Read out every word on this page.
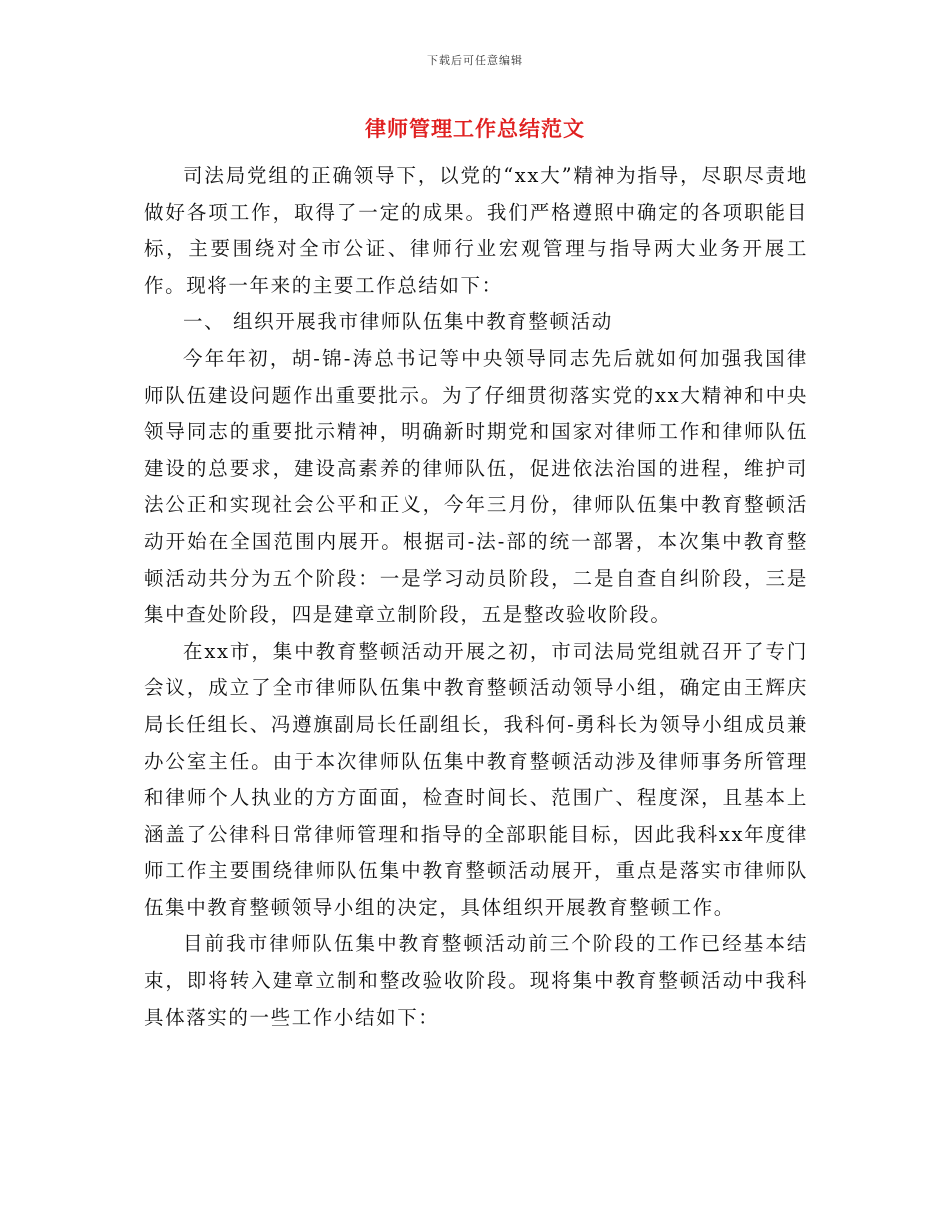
下载后可任意编辑
律师管理工作总结范文

司法局党组的正确领导下，以党的“xx大”精神为指导，尽职尽责地做好各项工作，取得了一定的成果。我们严格遵照中确定的各项职能目标，主要围绕对全市公证、律师行业宏观管理与指导两大业务开展工作。现将一年来的主要工作总结如下：

一、 组织开展我市律师队伍集中教育整顿活动

今年年初，胡-锦-涛总书记等中央领导同志先后就如何加强我国律师队伍建设问题作出重要批示。为了仔细贯彻落实党的xx大精神和中央领导同志的重要批示精神，明确新时期党和国家对律师工作和律师队伍建设的总要求，建设高素养的律师队伍，促进依法治国的进程，维护司法公正和实现社会公平和正义，今年三月份，律师队伍集中教育整顿活动开始在全国范围内展开。根据司-法-部的统一部署，本次集中教育整顿活动共分为五个阶段：一是学习动员阶段，二是自查自纠阶段，三是集中查处阶段，四是建章立制阶段，五是整改验收阶段。

在xx市，集中教育整顿活动开展之初，市司法局党组就召开了专门会议，成立了全市律师队伍集中教育整顿活动领导小组，确定由王辉庆局长任组长、冯遵旗副局长任副组长，我科何-勇科长为领导小组成员兼办公室主任。由于本次律师队伍集中教育整顿活动涉及律师事务所管理和律师个人执业的方方面面，检查时间长、范围广、程度深，且基本上涵盖了公律科日常律师管理和指导的全部职能目标，因此我科xx年度律师工作主要围绕律师队伍集中教育整顿活动展开，重点是落实市律师队伍集中教育整顿领导小组的决定，具体组织开展教育整顿工作。

目前我市律师队伍集中教育整顿活动前三个阶段的工作已经基本结束，即将转入建章立制和整改验收阶段。现将集中教育整顿活动中我科具体落实的一些工作小结如下：
